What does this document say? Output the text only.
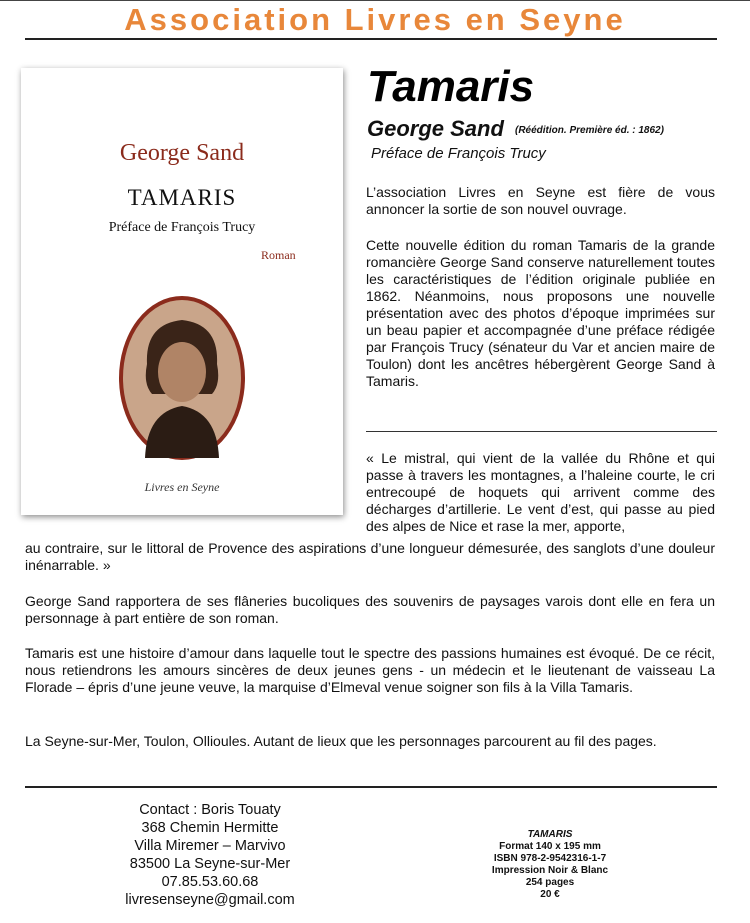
Association Livres en Seyne
George Sand
TAMARIS
Préface de François Trucy
Roman
Livres en Seyne
Tamaris
George Sand (Réédition. Première éd. : 1862)
Préface de François Trucy
L’association Livres en Seyne est fière de vous annoncer la sortie de son nouvel ouvrage.
Cette nouvelle édition du roman Tamaris de la grande romancière George Sand conserve naturellement toutes les caractéristiques de l’édition originale publiée en 1862. Néanmoins, nous proposons une nouvelle présentation avec des photos d’époque imprimées sur un beau papier et accompagnée d’une préface rédigée par François Trucy (sénateur du Var et ancien maire de Toulon) dont les ancêtres hébergèrent George Sand à Tamaris.
« Le mistral, qui vient de la vallée du Rhône et qui passe à travers les montagnes, a l’haleine courte, le cri entrecoupé de hoquets qui arrivent comme des décharges d’artillerie. Le vent d’est, qui passe au pied des alpes de Nice et rase la mer, apporte,
au contraire, sur le littoral de Provence des aspirations d’une longueur démesurée, des sanglots d’une douleur inénarrable. »
George Sand rapportera de ses flâneries bucoliques des souvenirs de paysages varois dont elle en fera un personnage à part entière de son roman.
Tamaris est une histoire d’amour dans laquelle tout le spectre des passions humaines est évoqué. De ce récit, nous retiendrons les amours sincères de deux jeunes gens - un médecin et le lieutenant de vaisseau La Florade – épris d’une jeune veuve, la marquise d’Elmeval venue soigner son fils à la Villa Tamaris.
La Seyne-sur-Mer, Toulon, Ollioules. Autant de lieux que les personnages parcourent au fil des pages.
Contact : Boris Touaty
368 Chemin Hermitte
Villa Miremer – Marvivo
83500 La Seyne-sur-Mer
07.85.53.60.68
livresenseyne@gmail.com
TAMARIS
Format 140 x 195 mm
ISBN 978-2-9542316-1-7
Impression Noir & Blanc
254 pages
20 €
